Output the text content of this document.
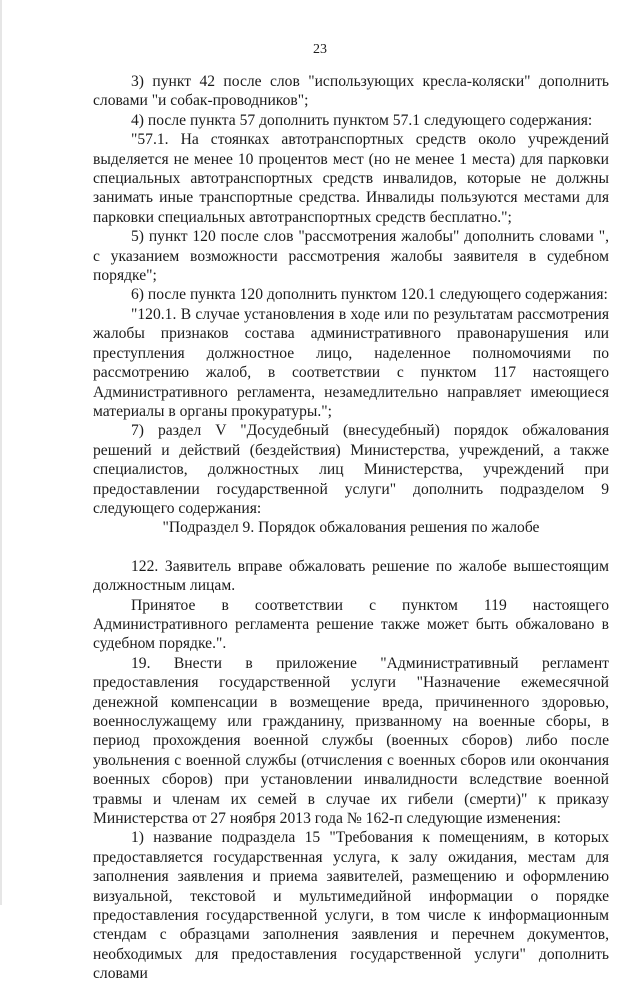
23

3) пункт 42 после слов "использующих кресла-коляски" дополнить словами "и собак-проводников";

4) после пункта 57 дополнить пунктом 57.1 следующего содержания:

"57.1. На стоянках автотранспортных средств около учреждений выделяется не менее 10 процентов мест (но не менее 1 места) для парковки специальных автотранспортных средств инвалидов, которые не должны занимать иные транспортные средства. Инвалиды пользуются местами для парковки специальных автотранспортных средств бесплатно.";

5) пункт 120 после слов "рассмотрения жалобы" дополнить словами ", с указанием возможности рассмотрения жалобы заявителя в судебном порядке";

6) после пункта 120 дополнить пунктом 120.1 следующего содержания:

"120.1. В случае установления в ходе или по результатам рассмотрения жалобы признаков состава административного правонарушения или преступления должностное лицо, наделенное полномочиями по рассмотрению жалоб, в соответствии с пунктом 117 настоящего Административного регламента, незамедлительно направляет имеющиеся материалы в органы прокуратуры.";

7) раздел V "Досудебный (внесудебный) порядок обжалования решений и действий (бездействия) Министерства, учреждений, а также специалистов, должностных лиц Министерства, учреждений при предоставлении государственной услуги" дополнить подразделом 9 следующего содержания:

"Подраздел 9. Порядок обжалования решения по жалобе

122. Заявитель вправе обжаловать решение по жалобе вышестоящим должностным лицам.

Принятое в соответствии с пунктом 119 настоящего Административного регламента решение также может быть обжаловано в судебном порядке.".

19. Внести в приложение "Административный регламент предоставления государственной услуги "Назначение ежемесячной денежной компенсации в возмещение вреда, причиненного здоровью, военнослужащему или гражданину, призванному на военные сборы, в период прохождения военной службы (военных сборов) либо после увольнения с военной службы (отчисления с военных сборов или окончания военных сборов) при установлении инвалидности вследствие военной травмы и членам их семей в случае их гибели (смерти)" к приказу Министерства от 27 ноября 2013 года № 162-п следующие изменения:

1) название подраздела 15 "Требования к помещениям, в которых предоставляется государственная услуга, к залу ожидания, местам для заполнения заявления и приема заявителей, размещению и оформлению визуальной, текстовой и мультимедийной информации о порядке предоставления государственной услуги, в том числе к информационным стендам с образцами заполнения заявления и перечнем документов, необходимых для предоставления государственной услуги" дополнить словами
